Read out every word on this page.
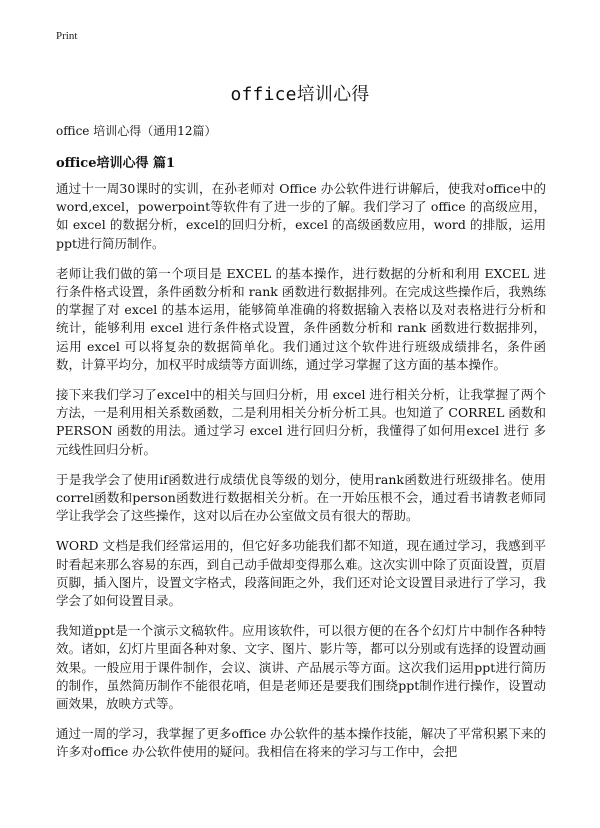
Print
office培训心得

office 培训心得（通用12篇）

office培训心得 篇1

通过十一周30课时的实训，在孙老师对 Office 办公软件进行讲解后，使我对office中的word,excel，powerpoint等软件有了进一步的了解。我们学习了 office 的高级应用，如 excel 的数据分析，excel的回归分析，excel 的高级函数应用，word 的排版，运用ppt进行简历制作。

老师让我们做的第一个项目是 EXCEL 的基本操作，进行数据的分析和利用 EXCEL 进行条件格式设置，条件函数分析和 rank 函数进行数据排列。在完成这些操作后，我熟练的掌握了对 excel 的基本运用，能够简单准确的将数据输入表格以及对表格进行分析和统计，能够利用 excel 进行条件格式设置，条件函数分析和 rank 函数进行数据排列，运用 excel 可以将复杂的数据简单化。我们通过这个软件进行班级成绩排名，条件函数，计算平均分，加权平时成绩等方面训练，通过学习掌握了这方面的基本操作。

接下来我们学习了excel中的相关与回归分析，用 excel 进行相关分析，让我掌握了两个方法，一是利用相关系数函数，二是利用相关分析分析工具。也知道了 CORREL 函数和 PERSON 函数的用法。通过学习 excel 进行回归分析，我懂得了如何用excel 进行 多元线性回归分析。

于是我学会了使用if函数进行成绩优良等级的划分，使用rank函数进行班级排名。使用correl函数和person函数进行数据相关分析。在一开始压根不会，通过看书请教老师同学让我学会了这些操作，这对以后在办公室做文员有很大的帮助。

WORD 文档是我们经常运用的，但它好多功能我们都不知道，现在通过学习，我感到平时看起来那么容易的东西，到自己动手做却变得那么难。这次实训中除了页面设置，页眉页脚，插入图片，设置文字格式，段落间距之外，我们还对论文设置目录进行了学习，我学会了如何设置目录。

我知道ppt是一个演示文稿软件。应用该软件，可以很方便的在各个幻灯片中制作各种特效。诸如，幻灯片里面各种对象、文字、图片、影片等，都可以分别或有选择的设置动画效果。一般应用于课件制作，会议、演讲、产品展示等方面。这次我们运用ppt进行简历的制作，虽然简历制作不能很花哨，但是老师还是要我们围绕ppt制作进行操作，设置动画效果，放映方式等。

通过一周的学习，我掌握了更多office 办公软件的基本操作技能，解决了平常积累下来的许多对office 办公软件使用的疑问。我相信在将来的学习与工作中，会把
